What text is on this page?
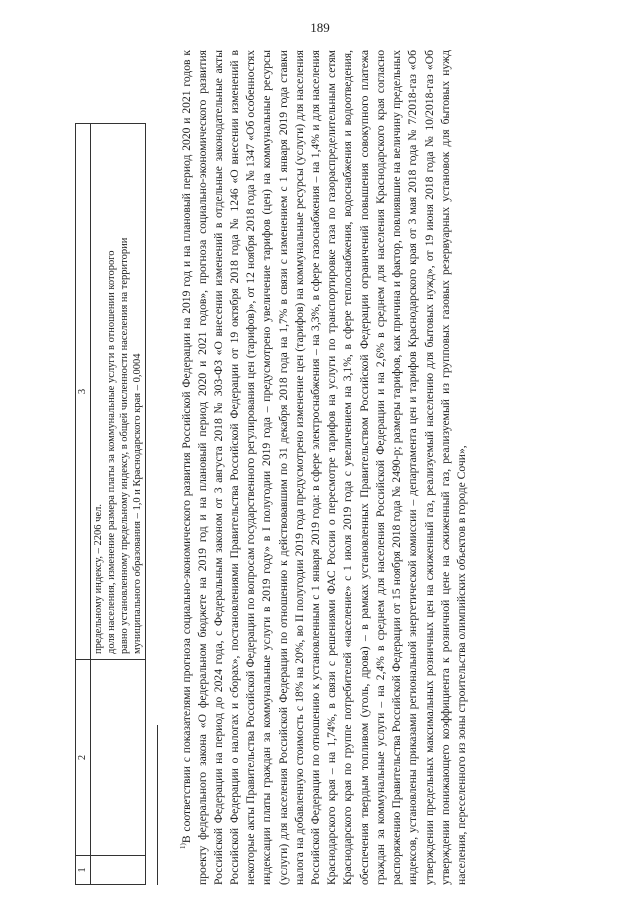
189
1	2	3

		предельному индексу, – 2206 чел. доля населения, изменение размера платы за коммунальные услуги в отношении которого равно установленному предельному индексу, в общей численности населения на территории муниципального образования – 1,0 и Краснодарского края – 0,0004

$^{1)}$В соответствии с показателями прогноза социально-экономического развития Российской Федерации на 2019 год и на плановый период 2020 и 2021 годов к проекту федерального закона «О федеральном бюджете на 2019 год и на плановый период 2020 и 2021 годов», прогноза социально-экономического развития Российской Федерации на период до 2024 года, с Федеральным законом от 3 августа 2018 № 303-ФЗ «О внесении изменений в отдельные законодательные акты Российской Федерации о налогах и сборах», постановлениями Правительства Российской Федерации от 19 октября 2018 года № 1246 «О внесении изменений в некоторые акты Правительства Российской Федерации по вопросам государственного регулирования цен (тарифов)», от 12 ноября 2018 года № 1347 «Об особенностях индексации платы граждан за коммунальные услуги в 2019 году» в I полугодии 2019 года – предусмотрено увеличение тарифов (цен) на коммунальные ресурсы (услуги) для населения Российской Федерации по отношению к действовавшим по 31 декабря 2018 года на 1,7% в связи с изменением с 1 января 2019 года ставки налога на добавленную стоимость с 18% на 20%, во II полугодии 2019 года предусмотрено изменение цен (тарифов) на коммунальные ресурсы (услуги) для населения Российской Федерации по отношению к установленным с 1 января 2019 года: в сфере электроснабжения – на 3,3%, в сфере газоснабжения – на 1,4% и для населения Краснодарского края – на 1,74%, в связи с решениями ФАС России о пересмотре тарифов на услуги по транспортировке газа по газораспределительным сетям Краснодарского края по группе потребителей «население» с 1 июля 2019 года с увеличением на 3,1%, в сфере теплоснабжения, водоснабжения и водоотведения, обеспечения твердым топливом (уголь, дрова) – в рамках установленных Правительством Российской Федерации ограничений повышения совокупного платежа граждан за коммунальные услуги – на 2,4% в среднем для населения Российской Федерации и на 2,6% в среднем для населения Краснодарского края согласно распоряжению Правительства Российской Федерации от 15 ноября 2018 года № 2490-р; размеры тарифов, как причина и фактор, повлиявшие на величину предельных индексов, установлены приказами региональной энергетической комиссии – департамента цен и тарифов Краснодарского края от 3 мая 2018 года № 7/2018-газ «Об утверждении предельных максимальных розничных цен на сжиженный газ, реализуемый населению для бытовых нужд», от 19 июня 2018 года № 10/2018-газ «Об утверждении понижающего коэффициента к розничной цене на сжиженный газ, реализуемый из групповых газовых резервуарных установок для бытовых нужд населения, переселенного из зоны строительства олимпийских объектов в городе Сочи»,
